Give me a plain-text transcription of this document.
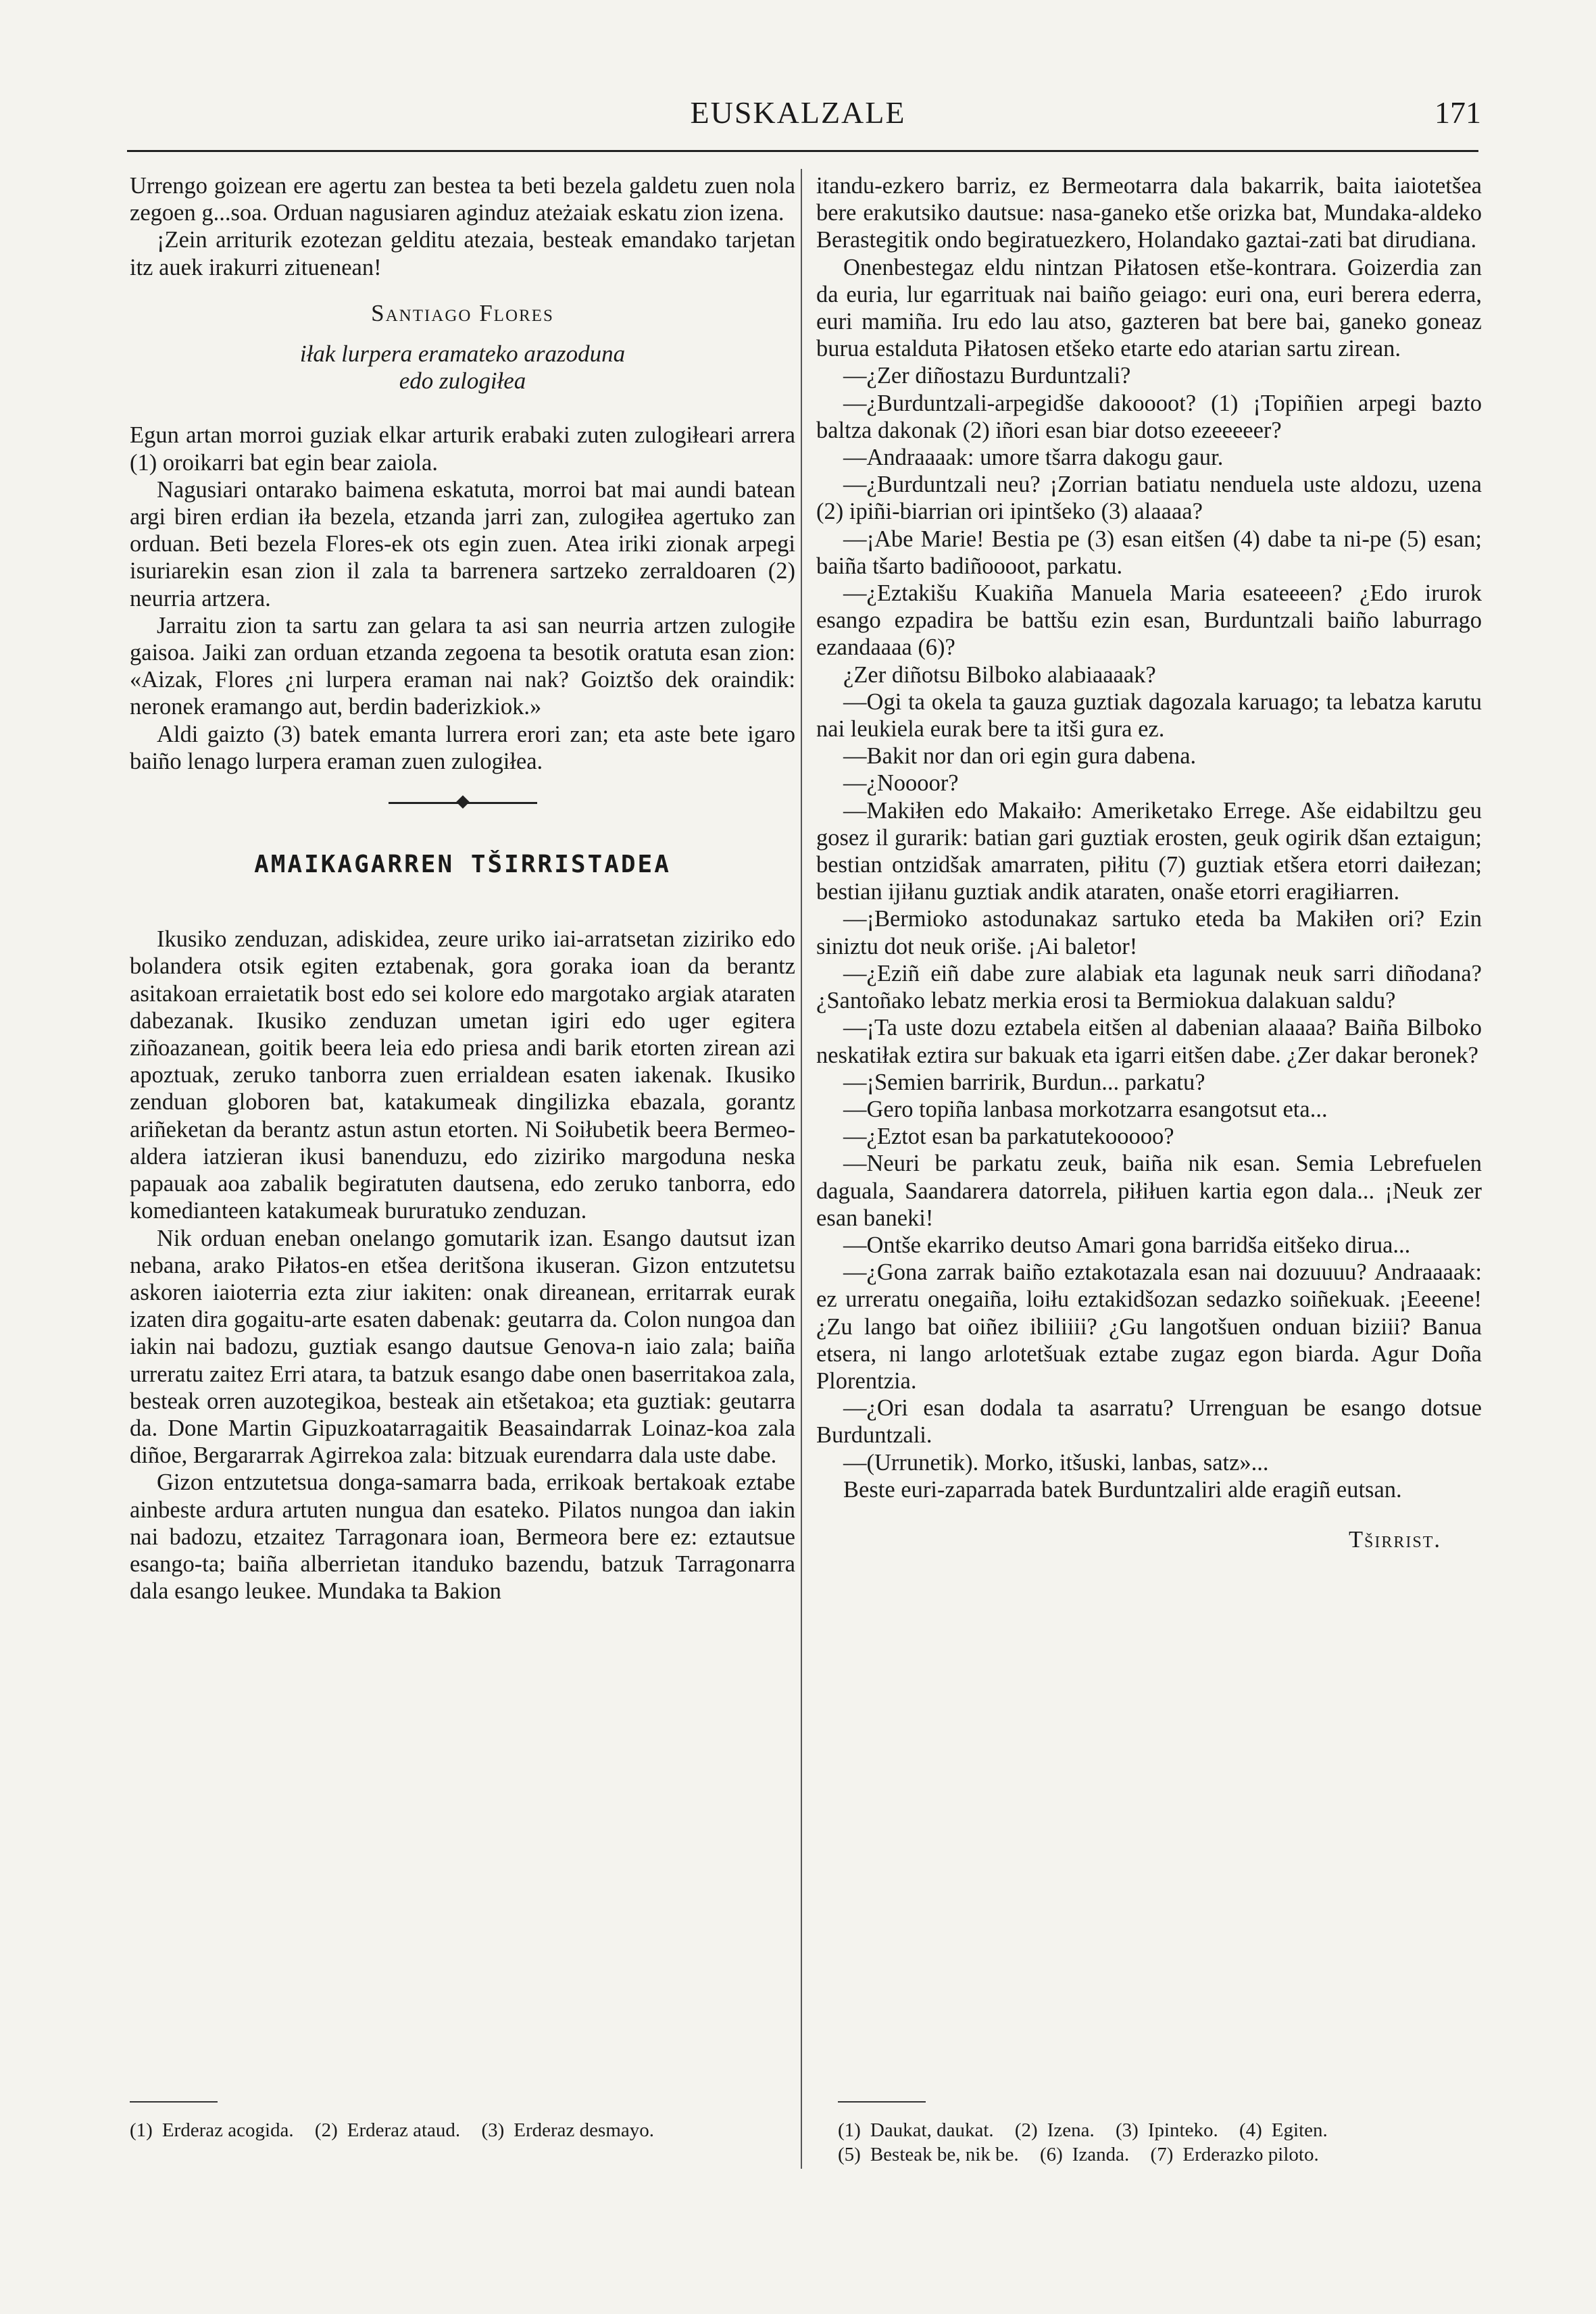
EUSKALZALE	171

Urrengo goizean ere agertu zan bestea ta beti bezela galdetu zuen nola zegoen g...soa. Orduan nagusiaren aginduz ateżaiak eskatu zion izena.

¡Zein arriturik ezotezan gelditu atezaia, besteak emandako tarjetan itz auek irakurri zituenean!

Santiago Flores
iłak lurpera eramateko arazoduna
edo zulogiłea

Egun artan morroi guziak elkar arturik erabaki zuten zulogiłeari arrera (1) oroikarri bat egin bear zaiola.

Nagusiari ontarako baimena eskatuta, morroi bat mai aundi batean argi biren erdian iła bezela, etzanda jarri zan, zulogiłea agertuko zan orduan. Beti bezela Flores-ek ots egin zuen. Atea iriki zionak arpegi isuriarekin esan zion il zala ta barrenera sartzeko zerraldoaren (2) neurria artzera.

Jarraitu zion ta sartu zan gelara ta asi san neurria artzen zulogiłe gaisoa. Jaiki zan orduan etzanda zegoena ta besotik oratuta esan zion: «Aizak, Flores ¿ni lurpera eraman nai nak? Goiztšo dek oraindik: neronek eramango aut, berdin baderizkiok.»

Aldi gaizto (3) batek emanta lurrera erori zan; eta aste bete igaro baiño lenago lurpera eraman zuen zulogiłea.

AMAIKAGARREN TŠIRRISTADEA

Ikusiko zenduzan, adiskidea, zeure uriko iai-arratsetan ziziriko edo bolandera otsik egiten eztabenak, gora goraka ioan da berantz asitakoan erraietatik bost edo sei kolore edo margotako argiak ataraten dabezanak. Ikusiko zenduzan umetan igiri edo uger egitera ziñoazanean, goitik beera leia edo priesa andi barik etorten zirean azi apoztuak, zeruko tanborra zuen errialdean esaten iakenak. Ikusiko zenduan globoren bat, katakumeak dingilizka ebazala, gorantz ariñeketan da berantz astun astun etorten. Ni Soiłubetik beera Bermeo-aldera iatzieran ikusi banenduzu, edo ziziriko margoduna neska papauak aoa zabalik begiratuten dautsena, edo zeruko tanborra, edo komedianteen katakumeak bururatuko zenduzan.

Nik orduan eneban onelango gomutarik izan. Esango dautsut izan nebana, arako Piłatos-en etšea deritšona ikuseran. Gizon entzutetsu askoren iaioterria ezta ziur iakiten: onak direanean, erritarrak eurak izaten dira gogaitu-arte esaten dabenak: geutarra da. Colon nungoa dan iakin nai badozu, guztiak esango dautsue Genova-n iaio zala; baiña urreratu zaitez Erri atara, ta batzuk esango dabe onen baserritakoa zala, besteak orren auzotegikoa, besteak ain etšetakoa; eta guztiak: geutarra da. Done Martin Gipuzkoatarragaitik Beasaindarrak Loinaz-koa zala diñoe, Bergararrak Agirrekoa zala: bitzuak eurendarra dala uste dabe.

Gizon entzutetsua donga-samarra bada, errikoak bertakoak eztabe ainbeste ardura artuten nungua dan esateko. Pilatos nungoa dan iakin nai badozu, etzaitez Tarragonara ioan, Bermeora bere ez: eztautsue esango-ta; baiña alberrietan itanduko bazendu, batzuk Tarragonarra dala esango leukee. Mundaka ta Bakion

itandu-ezkero barriz, ez Bermeotarra dala bakarrik, baita iaiotetšea bere erakutsiko dautsue: nasa-ganeko etše orizka bat, Mundaka-aldeko Berastegitik ondo begiratuezkero, Holandako gaztai-zati bat dirudiana.

Onenbestegaz eldu nintzan Piłatosen etše-kontrara. Goizerdia zan da euria, lur egarrituak nai baiño geiago: euri ona, euri berera ederra, euri mamiña. Iru edo lau atso, gazteren bat bere bai, ganeko goneaz burua estalduta Piłatosen etšeko etarte edo atarian sartu zirean.

—¿Zer diñostazu Burduntzali?

—¿Burduntzali-arpegidše dakoooot? (1) ¡Topiñien arpegi bazto baltza dakonak (2) iñori esan biar dotso ezeeeeer?

—Andraaaak: umore tšarra dakogu gaur.

—¿Burduntzali neu? ¡Zorrian batiatu nenduela uste aldozu, uzena (2) ipiñi-biarrian ori ipintšeko (3) alaaaa?

—¡Abe Marie! Bestia pe (3) esan eitšen (4) dabe ta ni-pe (5) esan; baiña tšarto badiñoooot, parkatu.

—¿Eztakišu Kuakiña Manuela Maria esateeeen? ¿Edo irurok esango ezpadira be battšu ezin esan, Burduntzali baiño laburrago ezandaaaa (6)?

¿Zer diñotsu Bilboko alabiaaaak?

—Ogi ta okela ta gauza guztiak dagozala karuago; ta lebatza karutu nai leukiela eurak bere ta itši gura ez.

—Bakit nor dan ori egin gura dabena.

—¿Noooor?

—Makiłen edo Makaiło: Ameriketako Errege. Aše eidabiltzu geu gosez il gurarik: batian gari guztiak erosten, geuk ogirik dšan eztaigun; bestian ontzidšak amarraten, piłitu (7) guztiak etšera etorri daiłezan; bestian ijiłanu guztiak andik ataraten, onaše etorri eragiłiarren.

—¡Bermioko astodunakaz sartuko eteda ba Makiłen ori? Ezin siniztu dot neuk oriše. ¡Ai baletor!

—¿Eziñ eiñ dabe zure alabiak eta lagunak neuk sarri diñodana? ¿Santoñako lebatz merkia erosi ta Bermiokua dalakuan saldu?

—¡Ta uste dozu eztabela eitšen al dabenian alaaaa? Baiña Bilboko neskatiłak eztira sur bakuak eta igarri eitšen dabe. ¿Zer dakar beronek?

—¡Semien barririk, Burdun... parkatu?

—Gero topiña lanbasa morkotzarra esangotsut eta...

—¿Eztot esan ba parkatutekooooo?

—Neuri be parkatu zeuk, baiña nik esan. Semia Lebrefuelen daguala, Saandarera datorrela, piłiłuen kartia egon dala... ¡Neuk zer esan baneki!

—Ontše ekarriko deutso Amari gona barridša eitšeko dirua...

—¿Gona zarrak baiño eztakotazala esan nai dozuuuu? Andraaaak: ez urreratu onegaiña, loiłu eztakidšozan sedazko soiñekuak. ¡Eeeene! ¿Zu lango bat oiñez ibiliiii? ¿Gu langotšuen onduan biziii? Banua etsera, ni lango arlotetšuak eztabe zugaz egon biarda. Agur Doña Plorentzia.

—¿Ori esan dodala ta asarratu? Urrenguan be esango dotsue Burduntzali.

—(Urrunetik). Morko, itšuski, lanbas, satz»...

Beste euri-zaparrada batek Burduntzaliri alde eragiñ eutsan.

Tširrist.
(1) Erderaz acogida. (2) Erderaz ataud. (3) Erderaz desmayo.	(1) Daukat, daukat. (2) Izena. (3) Ipinteko. (4) Egiten.
(5) Besteak be, nik be. (6) Izanda. (7) Erderazko piloto.
